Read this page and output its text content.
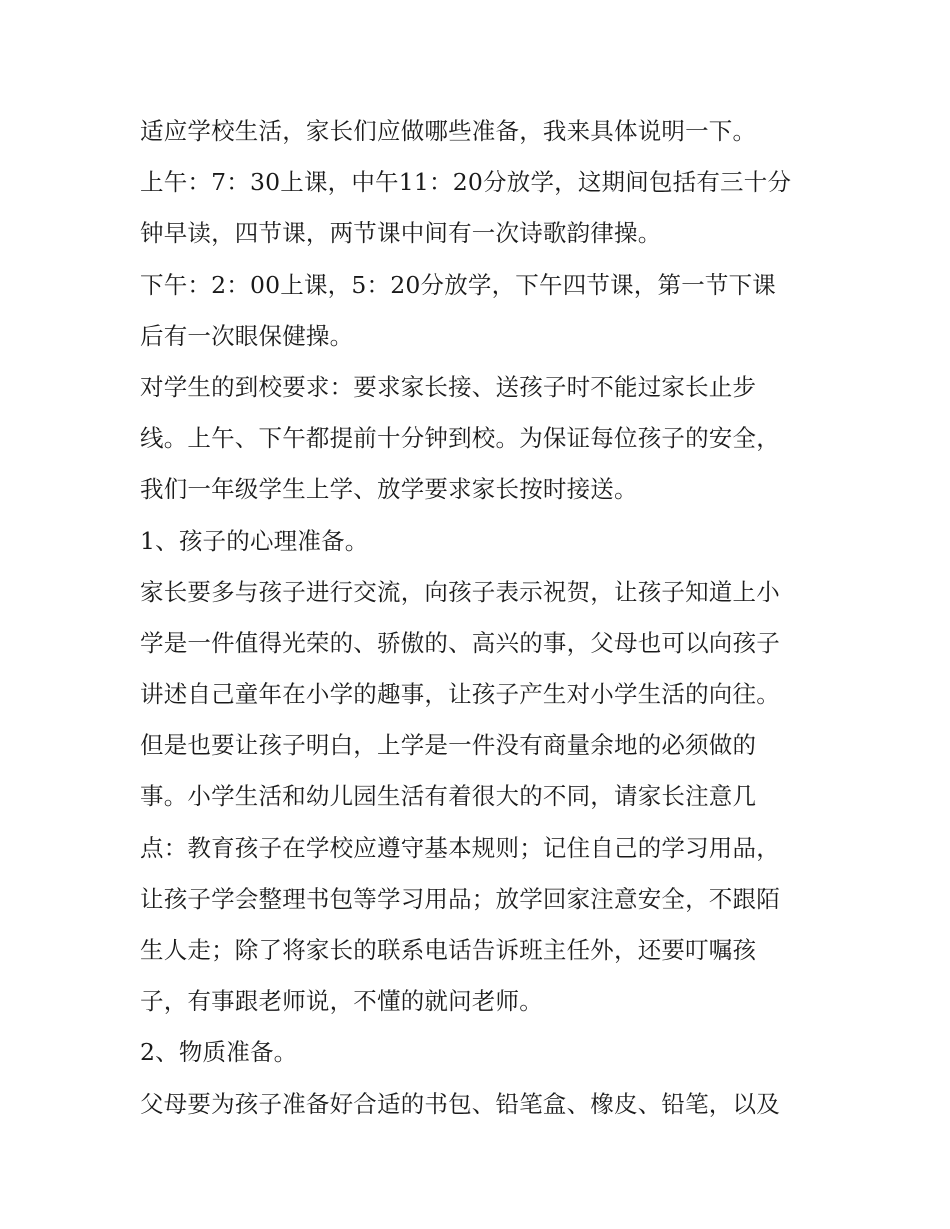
适应学校生活，家长们应做哪些准备，我来具体说明一下。
上午：7：30上课，中午11：20分放学，这期间包括有三十分
钟早读，四节课，两节课中间有一次诗歌韵律操。
下午：2：00上课，5：20分放学，下午四节课，第一节下课
后有一次眼保健操。
对学生的到校要求：要求家长接、送孩子时不能过家长止步
线。上午、下午都提前十分钟到校。为保证每位孩子的安全，
我们一年级学生上学、放学要求家长按时接送。
1、孩子的心理准备。
家长要多与孩子进行交流，向孩子表示祝贺，让孩子知道上小
学是一件值得光荣的、骄傲的、高兴的事，父母也可以向孩子
讲述自己童年在小学的趣事，让孩子产生对小学生活的向往。
但是也要让孩子明白，上学是一件没有商量余地的必须做的
事。小学生活和幼儿园生活有着很大的不同，请家长注意几
点：教育孩子在学校应遵守基本规则；记住自己的学习用品，
让孩子学会整理书包等学习用品；放学回家注意安全，不跟陌
生人走；除了将家长的联系电话告诉班主任外，还要叮嘱孩
子，有事跟老师说，不懂的就问老师。
2、物质准备。
父母要为孩子准备好合适的书包、铅笔盒、橡皮、铅笔，以及
